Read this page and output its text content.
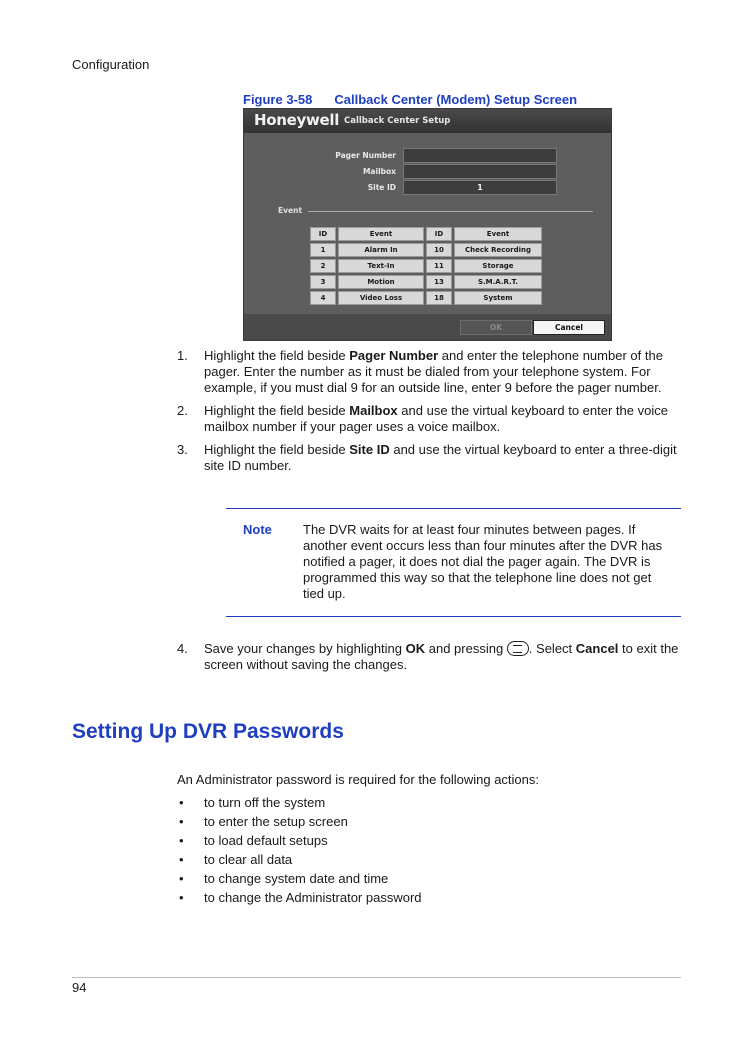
Configuration
Figure 3-58 Callback Center (Modem) Setup Screen
Honeywell Callback Center Setup
Pager Number
Mailbox
Site ID	1
Event
ID	Event	ID	Event
1	Alarm In	10	Check Recording
2	Text-In	11	Storage
3	Motion	13	S.M.A.R.T.
4	Video Loss	18	System
OK	Cancel
1. Highlight the field beside Pager Number and enter the telephone number of the pager. Enter the number as it must be dialed from your telephone system. For example, if you must dial 9 for an outside line, enter 9 before the pager number.
2. Highlight the field beside Mailbox and use the virtual keyboard to enter the voice mailbox number if your pager uses a voice mailbox.
3. Highlight the field beside Site ID and use the virtual keyboard to enter a three-digit site ID number.
Note The DVR waits for at least four minutes between pages. If another event occurs less than four minutes after the DVR has notified a pager, it does not dial the pager again. The DVR is programmed this way so that the telephone line does not get tied up.
4. Save your changes by highlighting OK and pressing . Select Cancel to exit the screen without saving the changes.
Setting Up DVR Passwords
An Administrator password is required for the following actions:
• to turn off the system
• to enter the setup screen
• to load default setups
• to clear all data
• to change system date and time
• to change the Administrator password
94
